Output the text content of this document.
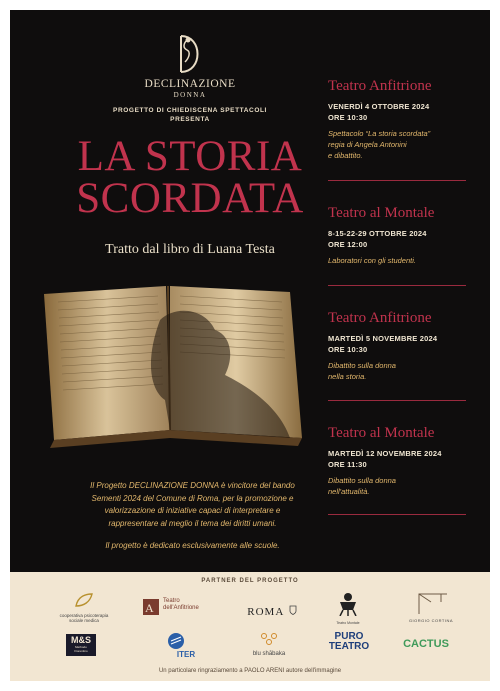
DECLINAZIONE
DONNA
PROGETTO DI CHIEDISCENA SPETTACOLI
PRESENTA
LA STORIA
SCORDATA
Tratto dal libro di Luana Testa

Il Progetto DECLINAZIONE DONNA è vincitore del bando
Sementi 2024 del Comune di Roma, per la promozione e
valorizzazione di iniziative capaci di interpretare e
rappresentare al meglio il tema dei diritti umani.

Il progetto è dedicato esclusivamente alle scuole.

Teatro Anfitrione
VENERDÌ 4 OTTOBRE 2024
ORE 10:30
Spettacolo “La storia scordata”
regia di Angela Antonini
e dibattito.
Teatro al Montale
8-15-22-29 OTTOBRE 2024
ORE 12:00
Laboratori con gli studenti.
Teatro Anfitrione
MARTEDÌ 5 NOVEMBRE 2024
ORE 10:30
Dibattito sulla donna
nella storia.
Teatro al Montale
MARTEDÌ 12 NOVEMBRE 2024
ORE 11:30
Dibattito sulla donna
nell'attualità.
PARTNER DEL PROGETTO
cooperativa psicoterapia
sociale medica
A	Teatro
dell'Anfitrione	ROMA
Teatro Montale	GIORGIO CORTINA
M&S
Methodo
Fiorentino	ITER	blu shābaka
PURO
TEATRO	CACTUS
Un particolare ringraziamento a PAOLO ARENI autore dell'immagine
